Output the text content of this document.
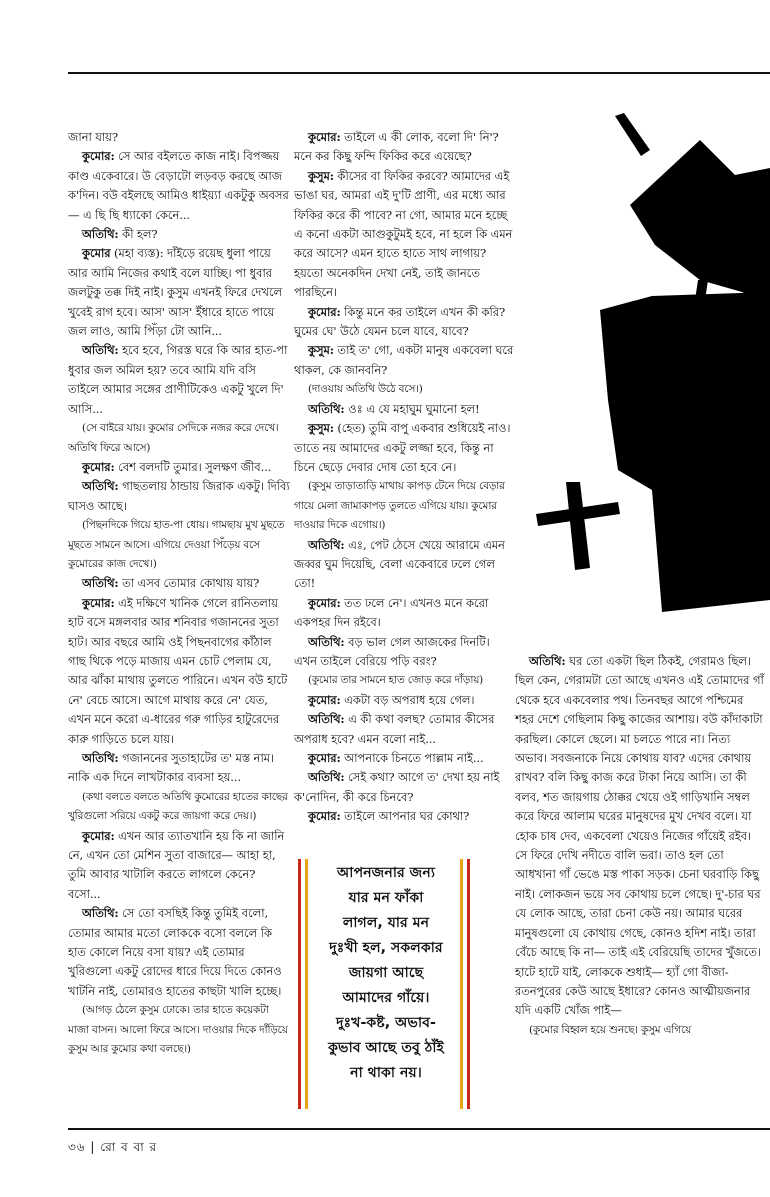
জানা যায়?

কুমোর: সে আর বইলতে কাজ নাই। বিপজ্জয় কাণ্ড একেবারে। উ বেড়াটো লড়বড় করছে আজ ক'দিন। বউ বইলছে আমিও ধাইয়্যা একটুকু অবসর— এ ছি ছি ধ্যাকো কেনে...

অতিথি: কী হল?

কুমোর (মহা ব্যস্ত): দাঁইড়ে রয়েছ ধুলা পায়ে আর আমি নিজের কথাই বলে যাচ্ছি। পা ধুবার জলটুকু তক্ক দিই নাই। কুসুম এখনই ফিরে দেখলে খুবেই রাগ হবে। আস' আস' ইঁধারে হাতে পায়ে জল লাও, আমি পিঁড়া টো আনি...

অতিথি: হবে হবে, গিরস্ত ঘরে কি আর হাত-পা ধুবার জল অমিল হয়? তবে আমি যদি বসি তাইলে আমার সঙ্গের প্রাণীটিকেও একটু খুলে দি' আসি...

(সে বাইরে যায়। কুমোর সেদিকে নজর করে দেখে। অতিথি ফিরে আসে)

কুমোর: বেশ বলদটি তুমার। সুলক্ষণ জীব...

অতিথি: গাছতলায় ঠান্ডায় জিরাক একটু। দিব্যি ঘাসও আছে।

(পিছনদিকে গিয়ে হাত-পা ধোয়। গামছায় মুখ মুছতে মুছতে সামনে আসে। এগিয়ে দেওয়া পিঁড়েয় বসে কুমোরের কাজ দেখে।)

অতিথি: তা এসব তোমার কোথায় যায়?

কুমোর: এই দক্ষিণে খানিক গেলে রানিতলায় হাট বসে মঙ্গলবার আর শনিবার গজাননের সুতা হাট। আর বছরে আমি ওই পিছনবাগের কাঁঠাল গাছ থিকে পড়ে মাজায় এমন চোট পেলাম যে, আর ঝাঁকা মাথায় তুলতে পারিনে। এখন বউ হাটে নে' বেচে আসে। আগে মাথায় করে নে' যেত, এখন মনে করো এ-ধারের গরু গাড়ির হাটুরেদের কারু গাড়িতে চলে যায়।

অতিথি: গজাননের সুতাহাটের ত' মস্ত নাম। নাকি এক দিনে লাখটাকার ব্যবসা হয়...

(কথা বলতে বলতে অতিথি কুমোরের হাতের কাছের খুরিগুলো সরিয়ে একটু করে জায়গা করে দেয়।)

কুমোর: এখন আর ত্যাতখানি হয় কি না জানি নে, এখন তো মেশিন সুতা বাজারে— আহা হা, তুমি আবার খাটালি করতে লাগলে কেনে? বসো...

অতিথি: সে তো বসছিই কিন্তু তুমিই বলো, তোমার আমার মতো লোককে বসো বললে কি হাত কোলে নিয়ে বসা যায়? এই তোমার খুরিগুলো একটু রোদের ধারে দিয়ে দিতে কোনও খাটনি নাই, তোমারও হাতের কাছটা খালি হচ্ছে।

(আগড় ঠেলে কুসুম ঢোকে। তার হাতে কয়েকটা মাজা বাসন। আলো ফিরে আসে। দাওয়ার দিকে দাঁড়িয়ে কুসুম আর কুমোর কথা বলছে।)

কুমোর: তাইলে এ কী লোক, বলো দি' নি'? মনে কর কিছু ফন্দি ফিকির করে এয়েছে?

কুসুম: কীসের বা ফিকির করবে? আমাদের এই ভাঙা ঘর, আমরা এই দু'টি প্রাণী, এর মধ্যে আর ফিকির করে কী পাবে? না গো, আমার মনে হচ্ছে এ কনো একটা আগুকুটুমই হবে, না হলে কি এমন করে আসে? এমন হাতে হাতে সাথ লাগায়? হয়তো অনেকদিন দেখা নেই, তাই জানতে পারছিনে।

কুমোর: কিন্তু মনে কর তাইলে এখন কী করি? ঘুমের ঘে' উঠে যেমন চলে যাবে, যাবে?

কুসুম: তাই ত' গো, একটা মানুষ একবেলা ঘরে থাকল, কে জানবনি?

(দাওয়ায় অতিথি উঠে বসে।)

অতিথি: ওঃ এ যে মহাঘুম ঘুমানো হল!

কুসুম: (হেত) তুমি বাপু একবার শুধিয়েই নাও। তাতে নয় আমাদের একটু লজ্জা হবে, কিন্তু না চিনে ছেড়ে দেবার দোষ তো হবে নে।

(কুসুম তাড়াতাড়ি মাথায় কাপড় টেনে দিয়ে বেড়ার গায়ে মেলা জামাকাপড় তুলতে এগিয়ে যায়। কুমোর দাওয়ার দিকে এগোয়।)

অতিথি: এঃ, পেট ঠেসে খেয়ে আরামে এমন জব্বর ঘুম দিয়েছি, বেলা একেবারে ঢলে গেল তো!

কুমোর: তত ঢলে নে'। এখনও মনে করো একপহর দিন রইবে।

অতিথি: বড় ভাল গেল আজকের দিনটি। এখন তাইলে বেরিয়ে পড়ি বরং?

(কুমোর তার সামনে হাত জোড় করে দাঁড়ায়)

কুমোর: একটা বড় অপরাধ হয়ে গেল।

অতিথি: এ কী কথা বলছ? তোমার কীসের অপরাধ হবে? এমন বলো নাই...

কুমোর: আপনাকে চিনতে পাল্লাম নাই...

অতিথি: সেই কথা? আগে ত' দেখা হয় নাই ক'নোদিন, কী করে চিনবে?

কুমোর: তাইলে আপনার ঘর কোথা?

অতিথি: ঘর তো একটা ছিল ঠিকই, গেরামও ছিল। ছিল কেন, গেরামটা তো আছে এখনও এই তোমাদের গাঁ থেকে হবে একবেলার পথ। তিনবছর আগে পশ্চিমের শহর দেশে গেছিলাম কিছু কাজের আশায়। বউ কাঁদাকাটা করছিল। কোলে ছেলে। মা চলতে পারে না। নিত্য অভাব। সবজনাকে নিয়ে কোথায় যাব? এদের কোথায় রাখব? বলি কিছু কাজ করে টাকা নিয়ে আসি। তা কী বলব, শত জায়গায় ঠোক্কর খেয়ে ওই গাড়িখানি সম্বল করে ফিরে আলাম ঘরের মানুষদের মুখ দেখব বলে। যা হোক চাষ দেব, একবেলা খেয়েও নিজের গাঁয়েই রইব। সে ফিরে দেখি নদীতে বালি ভরা। তাও হল তো আধখানা গাঁ ভেঙে মস্ত পাকা সড়ক। চেনা ঘরবাড়ি কিছু নাই। লোকজন ভয়ে সব কোথায় চলে গেছে। দু'-চার ঘর যে লোক আছে, তারা চেনা কেউ নয়। আমার ঘরের মানুষগুলো যে কোথায় গেছে, কোনও হদিশ নাই। তারা বেঁচে আছে কি না— তাই এই বেরিয়েছি তাদের খুঁজতে। হাটে হাটে যাই, লোককে শুধাই— হ্যাঁ গো বীজা-রতনপুরের কেউ আছে ইধারে? কোনও আত্মীয়জনার যদি একটি খোঁজ পাই—

(কুমোর বিহ্বল হয়ে শুনছে। কুসুম এগিয়ে

আপনজনার জন্য যার মন ফাঁকা লাগল, যার মন দুঃখী হল, সকলকার জায়গা আছে আমাদের গাঁয়ে। দুঃখ-কষ্ট, অভাব-কুভাব আছে তবু ঠাঁই না থাকা নয়।
৩৬ | রো ব বা র
